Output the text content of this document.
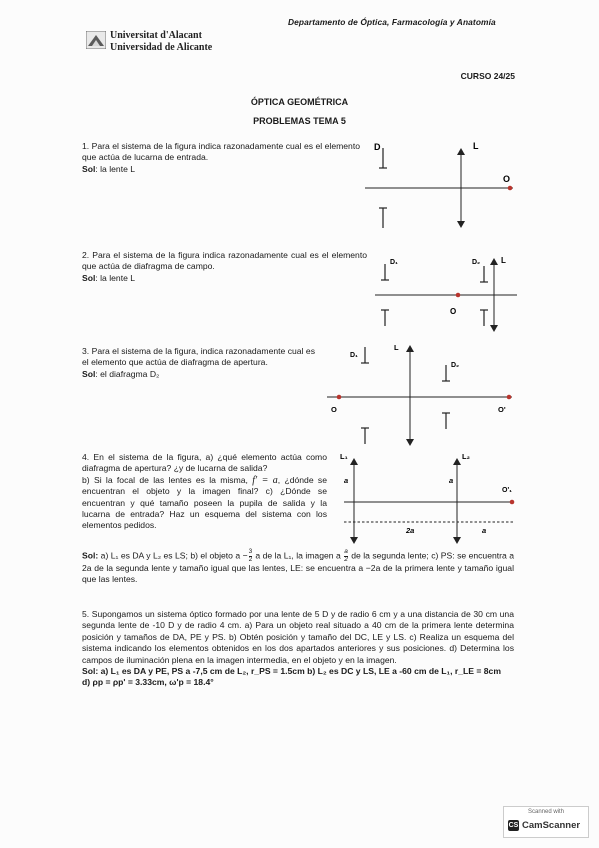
Departamento de Óptica, Farmacología y Anatomía
Universitat d'Alacant
Universidad de Alicante
CURSO 24/25
ÓPTICA GEOMÉTRICA
PROBLEMAS TEMA 5

1. Para el sistema de la figura indica razonadamente cual es el elemento que actúa de lucarna de entrada.

Sol: la lente L

D	L
O

2. Para el sistema de la figura indica razonadamente cual es el elemento que actúa de diafragma de campo.

Sol: la lente L

D₁
O
D₂	L

3. Para el sistema de la figura, indica razonadamente cual es el elemento que actúa de diafragma de apertura.

Sol: el diafragma D₂

O
D₁
L
D₂
O'

4. En el sistema de la figura, a) ¿qué elemento actúa como diafragma de apertura? ¿y de lucarna de salida?

b) Si la focal de las lentes es la misma, f' = a, ¿dónde se encuentran el objeto y la imagen final? c) ¿Dónde se encuentran y qué tamaño poseen la pupila de salida y la lucarna de entrada? Haz un esquema del sistema con los elementos pedidos.

L₁
a
L₂
a
O'₁
2a	a

Sol: a) L₁ es DA y L₂ es LS; b) el objeto $a - \frac{3}{2}$ a de la L₁, la imagen a $\frac{a}{2}$ de la segunda lente; c) PS: se encuentra a 2a de la segunda lente y tamaño igual que las lentes, LE: se encuentra a −2a de la primera lente y tamaño igual que las lentes.

5. Supongamos un sistema óptico formado por una lente de 5 D y de radio 6 cm y a una distancia de 30 cm una segunda lente de -10 D y de radio 4 cm. a) Para un objeto real situado a 40 cm de la primera lente determina posición y tamaños de DA, PE y PS. b) Obtén posición y tamaño del DC, LE y LS. c) Realiza un esquema del sistema indicando los elementos obtenidos en los dos apartados anteriores y sus posiciones. d) Determina los campos de iluminación plena en la imagen intermedia, en el objeto y en la imagen.

Sol: a) L₁ es DA y PE, PS a -7,5 cm de L₂, r_PS = 1.5cm b) L₂ es DC y LS, LE a -60 cm de L₁, r_LE = 8cm

d) ρp = ρp' = 3.33cm, ω'p = 18.4°

Scanned with
CS CamScanner
